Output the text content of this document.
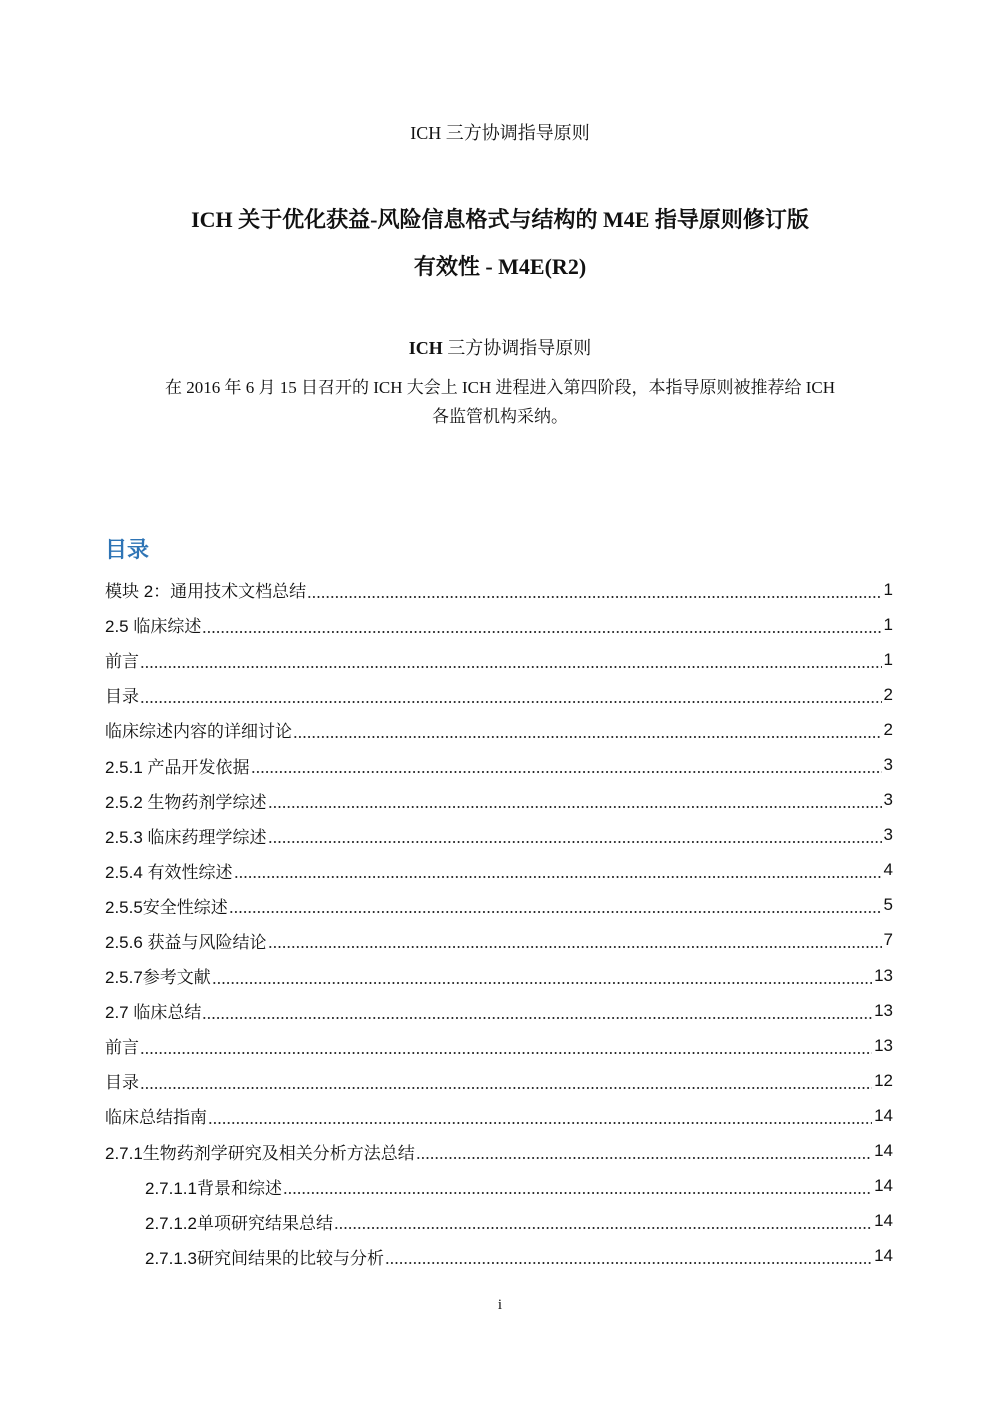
ICH 三方协调指导原则
ICH 关于优化获益-风险信息格式与结构的 M4E 指导原则修订版
有效性 - M4E(R2)
ICH 三方协调指导原则
在 2016 年 6 月 15 日召开的 ICH 大会上 ICH 进程进入第四阶段，本指导原则被推荐给 ICH
各监管机构采纳。
目录
模块 2：通用技术文档总结	1
2.5 临床综述	1
前言	1
目录	2
临床综述内容的详细讨论	2
2.5.1 产品开发依据	3
2.5.2 生物药剂学综述	3
2.5.3 临床药理学综述	3
2.5.4 有效性综述	4
2.5.5安全性综述	5
2.5.6 获益与风险结论	7
2.5.7参考文献	13
2.7 临床总结	13
前言	13
目录	12
临床总结指南	14
2.7.1生物药剂学研究及相关分析方法总结	14
2.7.1.1背景和综述	14
2.7.1.2单项研究结果总结	14
2.7.1.3研究间结果的比较与分析	14
i
